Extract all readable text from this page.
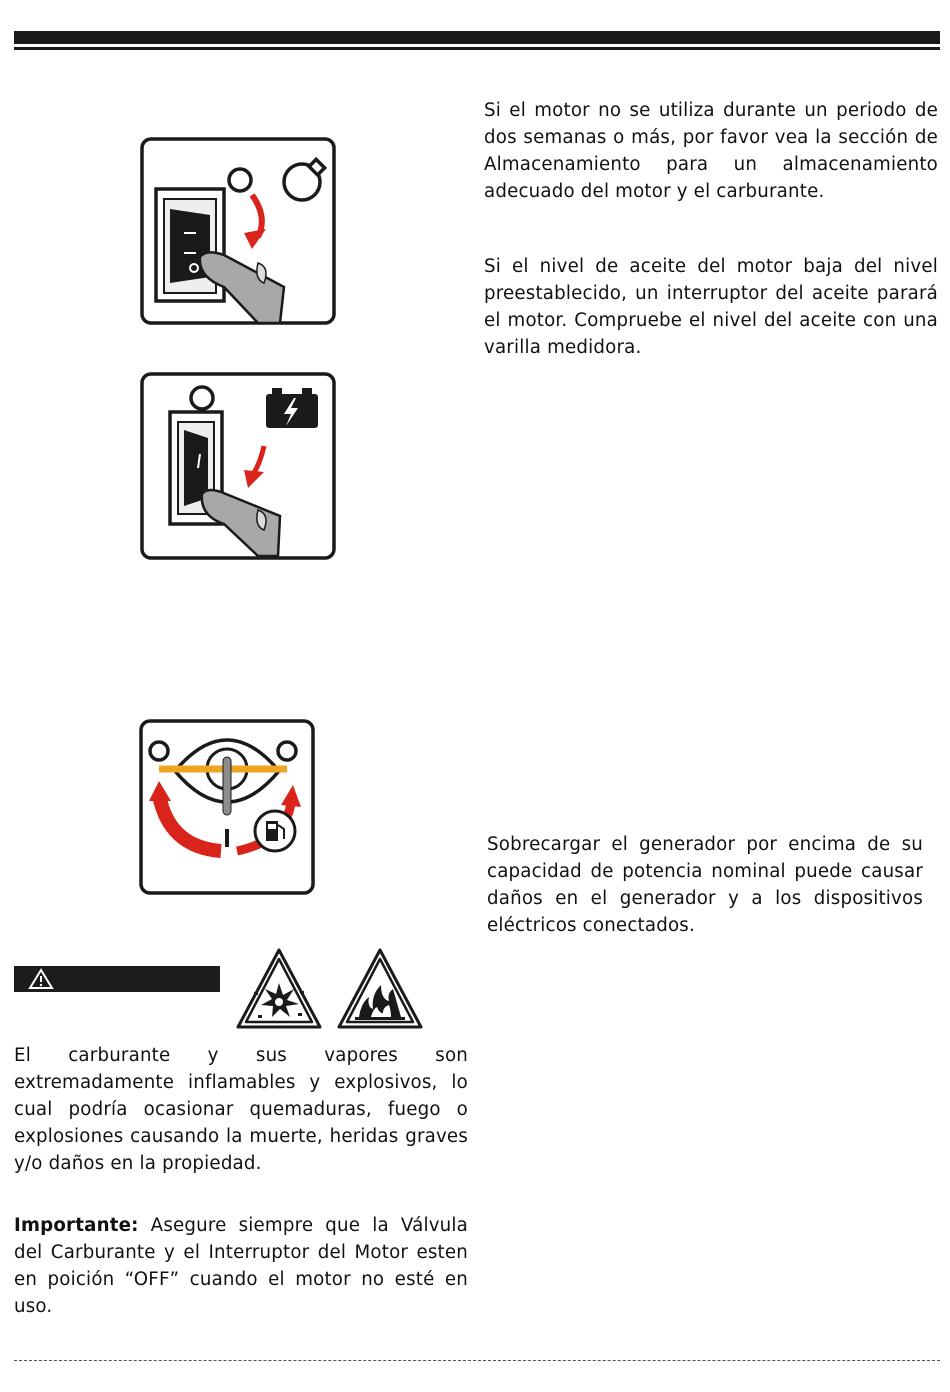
Si el motor no se utiliza durante un periodo de dos semanas o más, por favor vea la sección de Almacenamiento para un almacenamiento adecuado del motor y el carburante.

Si el nivel de aceite del motor baja del nivel preestablecido, un interruptor del aceite parará el motor. Compruebe el nivel del aceite con una varilla medidora.

Sobrecargar el generador por encima de su capacidad de potencia nominal puede causar daños en el generador y a los dispositivos eléctricos conectados.

El carburante y sus vapores son extremadamente inflamables y explosivos, lo cual podría ocasionar quemaduras, fuego o explosiones causando la muerte, heridas graves y/o daños en la propiedad.

Importante: Asegure siempre que la Válvula del Carburante y el Interruptor del Motor esten en poición “OFF” cuando el motor no esté en uso.
